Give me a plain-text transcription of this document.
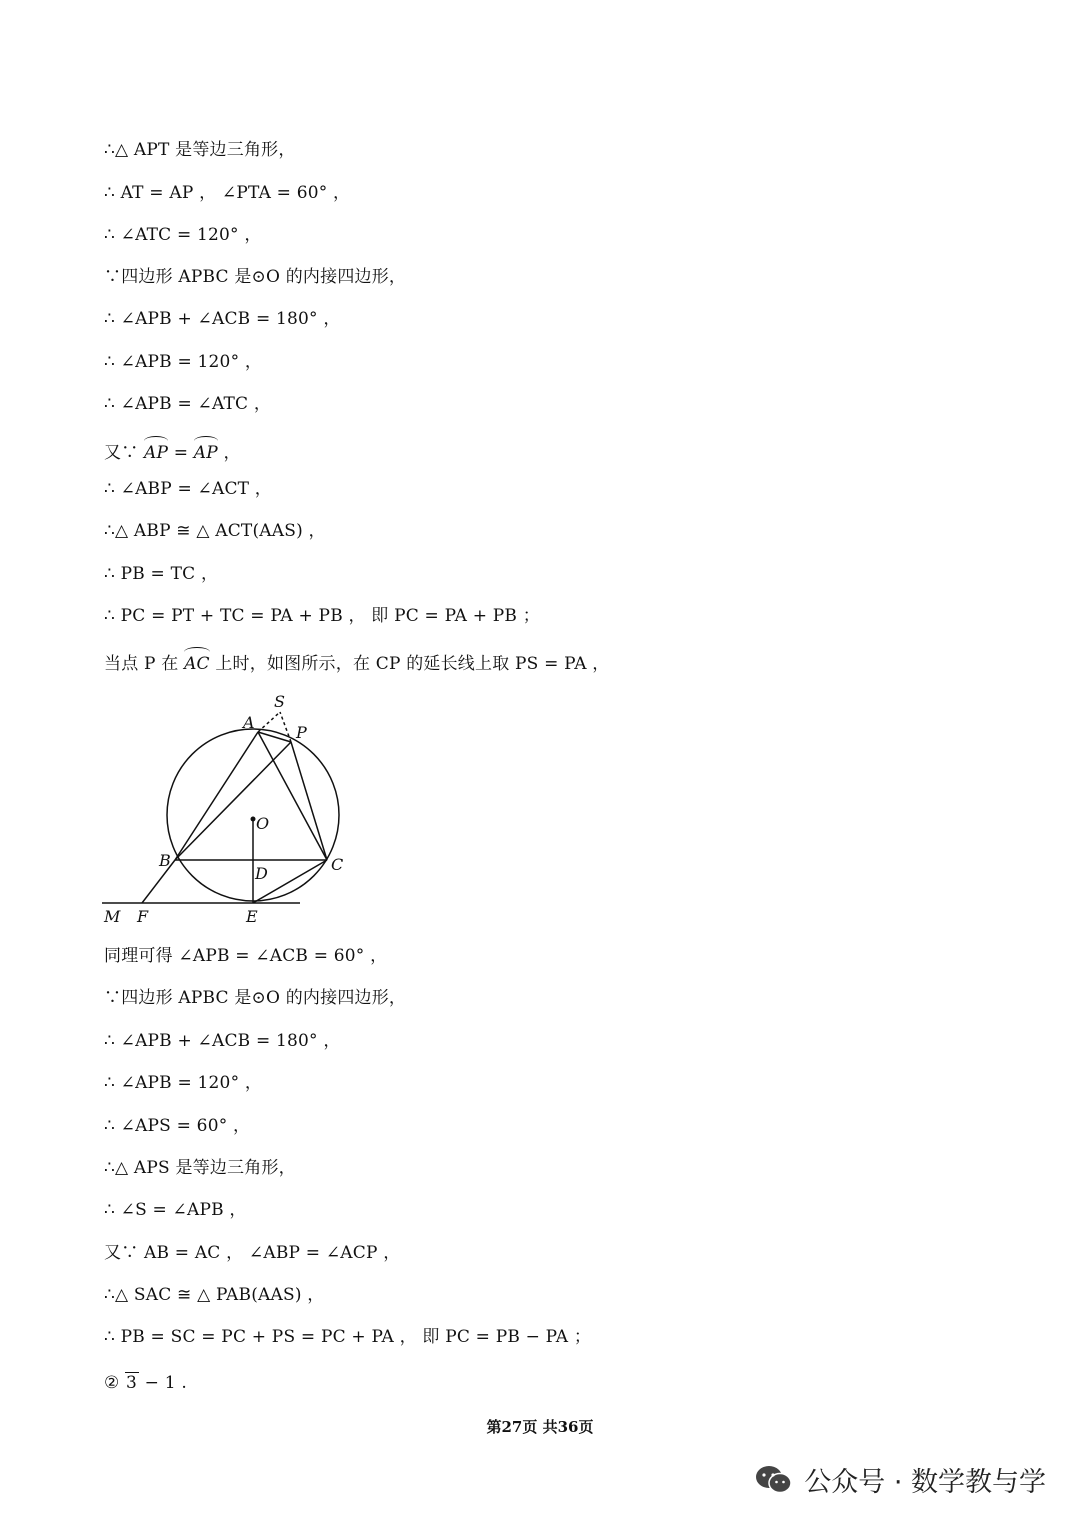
∴△ APT 是等边三角形，
∴ AT = AP ， ∠PTA = 60° ，
∴ ∠ATC = 120° ，
∵四边形 APBC 是⊙O 的内接四边形，
∴ ∠APB + ∠ACB = 180° ，
∴ ∠APB = 120° ，
∴ ∠APB = ∠ATC ，
又∵ AP = AP ，
∴ ∠ABP = ∠ACT ，
∴△ ABP ≅ △ ACT(AAS) ，
∴ PB = TC ，
∴ PC = PT + TC = PA + PB ， 即 PC = PA + PB ；
当点 P 在 AC 上时，如图所示，在 CP 的延长线上取 PS = PA ，
同理可得 ∠APB = ∠ACB = 60° ，
∵四边形 APBC 是⊙O 的内接四边形，
∴ ∠APB + ∠ACB = 180° ，
∴ ∠APB = 120° ，
∴ ∠APS = 60° ，
∴△ APS 是等边三角形，
∴ ∠S = ∠APB ，
又∵ AB = AC ， ∠ABP = ∠ACP ，
∴△ SAC ≅ △ PAB(AAS) ，
∴ PB = SC = PC + PS = PC + PA ， 即 PC = PB − PA ；
② 3 − 1 .
S
A
P
O
B	C
D
M F	E
第27页 共36页
公众号 · 数学教与学
